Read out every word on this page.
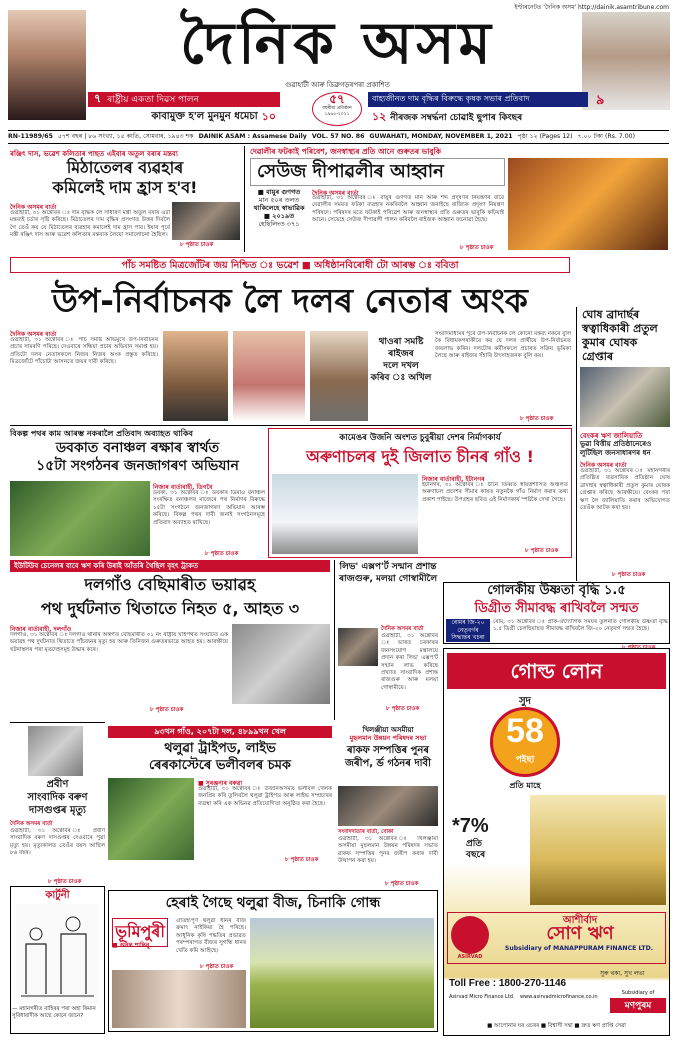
ইণ্টাৰনেটত 'দৈনিক অসম' http://dainik.asamtribune.com
দৈনিক অসম
গুৱাহাটী আৰু ডিব্ৰুগড়ৰপৰা প্ৰকাশিত
৭ ৰাষ্ট্ৰীয় একতা দিৱস পালন
কাবামুক্ত হ'ল মুনমুন ধমেচা ১০
৫৭
বছৰীয়া প্ৰতিষ্ঠান
১৯৬৫-২০২১
বাহ্যজীনত দাম বৃদ্ধিৰ বিৰুদ্ধে কৃষক সভাৰ প্ৰতিবাদ	৯
১২ নীৰজক সম্বৰ্দ্ধনা চোৱাই ছুপাৰ কিংছৰ
RN-11989/65 ৫৭শ বছৰ | ৮৬ সংখ্যা, ১৫ কাতি, সোমবাৰ, ১৯৪৩ শক DAINIK ASAM : Assamese Daily VOL. 57 NO. 86 GUWAHATI, MONDAY, NOVEMBER 1, 2021 পৃষ্ঠা ১২ (Pages 12) ৭.০০ টকা (Rs. 7.00)
ৰঞ্জিৎ দাস, ভৱেশ কলিতাৰ পাছত এইবাৰ অতুল বৰাৰ মন্তব্য
মিঠাতেলৰ ব্যৱহাৰ
কমিলেই দাম হ্ৰাস হ'ব!
দৈনিক অসমৰ বাৰ্তা
গুৱাহাটী, ৩১ অক্টোবৰ ঃ দাম বৃদ্ধিক লৈ সাধাৰণ মন্ত্ৰী অতুল বৰাৰ এটা মন্তব্যই চৰ্চাৰ সৃষ্টি কৰিছে। মিঠাতেলৰ দাম বৃদ্ধিৰ প্ৰসংগত উত্তৰ দিবলৈ গৈ তেওঁ কয় যে মিঠাতেলৰ ব্যৱহাৰ কমালেই দাম হ্ৰাস পাব। ইয়াৰ পূৰ্বে মন্ত্ৰী ৰঞ্জিৎ দাস আৰু ভৱেশ কলিতাৰ মন্তব্যক লৈয়ো সমালোচনা হৈছিল।
৮ পৃষ্ঠাত চাওক
দেৱালীৰ ফটকাই পৰিবেশ, জনস্বাস্থ্যৰ প্ৰতি আনে গুৰুতৰ ভাবুকি
সেউজ দীপাৱলীৰ আহ্বান
■ বায়ুৰ গুণগত
মান ৫০ৰ তলত
থাকিলেহে স্বাভাৱিক
■ ২০১৯ত
হেছিলিংত ৩৭১
দৈনিক অসমৰ বাৰ্তা
গুৱাহাটী, ৩১ অক্টোবৰ ঃ বায়ুৰ গুণগত মান আৰু শব্দ প্ৰদূষণৰ নিয়ন্ত্ৰণৰ বাবে দেৱালীৰ সময়ত ফটকা ব্যৱহাৰ নকৰিবলৈ আহ্বান জনাইছে ৰাজ্যিক প্ৰদূষণ নিয়ন্ত্ৰণ পৰিষদে। পৰিষদৰ মতে ফটকাই পৰিৱেশ আৰু জনস্বাস্থ্যৰ প্ৰতি গুৰুতৰ ভাবুকি কঢ়িয়াই আনে। সেয়েহে সেউজ দীপাৱলী পালন কৰিবলৈ ৰাইজক আহ্বান জনোৱা হৈছে।
৮ পৃষ্ঠাত চাওক
পাঁচ সমষ্টিত মিত্ৰজোঁটৰ জয় নিশ্চিত ঃ ভৱেশ ■ অধিষ্ঠানবিৰোধী টো আৰম্ভ ঃ ববিতা
উপ-নিৰ্বাচনক লৈ দলৰ নেতাৰ অংক
দৈনিক অসমৰ বাৰ্তা
গুৱাহাটী, ৩১ অক্টোবৰ ঃ পাঁচ সমষ্টি অভিমুখে উপ-নিৰ্বাচনৰ প্ৰচাৰ সামৰণি পৰিছে। দেওবাৰে সন্ধিয়া প্ৰচাৰ অভিযান সমাপ্ত হয়। প্ৰতিটো দলৰ নেতাসকলে নিজৰ নিজৰ অংক প্ৰস্তুত কৰিছে। মিত্ৰজোঁটে পাঁচোটা আসনতে জয়ৰ দাবী কৰিছে।
থাওৰা সমষ্টি
ৰাইজৰ
দলে দখল
কৰিব ঃ অখিল
সংবাদমাধ্যমৰ পূৰ্বে উপ-নিৰ্বাচনক লৈ কোনো মন্তব্য নকৰে বুলি কৈ বিধায়কগৰাকীয়ে কয় যে দলৰ প্ৰাৰ্থীয়ে উপ-নিৰ্বাচনত জয়লাভ কৰিব। দলটোৰ কৰ্মীসকলে প্ৰচাৰত সক্ৰিয় ভূমিকা লৈছে আৰু ৰাইজৰ সঁহাৰি উৎসাহজনক বুলি কয়।
৮ পৃষ্ঠাত চাওক
ঘোষ ব্ৰাদাৰ্ছৰ স্বত্বাধিকাৰী প্ৰতুল কুমাৰ ঘোষক গ্ৰেপ্তাৰ
বেংকৰ ঋণ জালিয়াতি
ভুৱা বিত্তীয় প্ৰতিষ্ঠানেৰেও লুটিছিল জনসাধাৰণৰ ধন
দৈনিক অসমৰ বাৰ্তা
গুৱাহাটী, ৩১ অক্টোবৰ ঃ মহানগৰীৰ প্ৰতিষ্ঠিত ব্যৱসায়িক প্ৰতিষ্ঠান ঘোষ ব্ৰাদাৰ্ছৰ স্বত্বাধিকাৰী প্ৰতুল কুমাৰ ঘোষক গ্ৰেপ্তাৰ কৰিছে আৰক্ষীয়ে। বেংকৰ পৰা ঋণ লৈ জালিয়াতি কৰাৰ অভিযোগত তেওঁক আটক কৰা হয়।
৮ পৃষ্ঠাত চাওক
বিকল্প পথৰ কাম আৰম্ভ নকৰালৈ প্ৰতিবাদ অব্যাহত থাকিব
ডবকাত বনাঞ্চল ৰক্ষাৰ স্বাৰ্থত
১৫টা সংগঠনৰ জনজাগৰণ অভিযান
নিজাৰ বাৰ্তাবাহী, ডিগবৈ
ডবকা, ৩১ অক্টোবৰ ঃ ডবকাৰ ডিমাও বনাঞ্চল সংৰক্ষিত বনাঞ্চলৰ মাজেৰে পথ নিৰ্মাণৰ বিৰুদ্ধে ১৫টা সংগঠনে জনজাগৰণ অভিযান আৰম্ভ কৰিছে। বিকল্প পথৰ দাবী জনাই সংগঠনসমূহে প্ৰতিবাদ অব্যাহত ৰাখিছে।
৮ পৃষ্ঠাত চাওক
কামেঙৰ উজনি অংশত চুবুৰীয়া দেশৰ নিৰ্মাণকাৰ্য
অৰুণাচলৰ দুই জিলাত চীনৰ গাঁও !
নিজাৰ বাৰ্তাবাহী, ইটানগৰ
ইটানগৰ, ৩১ অক্টোবৰ ঃ চীনে তিব্বত স্বায়ত্তশাসিত অঞ্চলত অৰুণাচল প্ৰদেশৰ সীমাৰ কাষত নতুনকৈ গাঁও নিৰ্মাণ কৰাৰ তথ্য প্ৰকাশ পাইছে। উপগ্ৰহৰ ছবিত এই নিৰ্মাণকাৰ্য স্পষ্টকৈ দেখা গৈছে।
৮ পৃষ্ঠাত চাওক
ইউটিউব চেনেলৰ বাবে ঋণ কৰি উৰাই আঁতৰি থৈছিল বৃহৎ ট্ৰাকত
দলগাঁও বেছিমাৰীত ভয়াৱহ
পথ দুৰ্ঘটনাত থিতাতে নিহত ৫, আহত ৩
নিজাৰ বাৰ্তাবাহী, দলগাঁও
দলগাঁও, ৩১ অক্টোবৰ ঃ দলগাঁও থানাৰ অন্তৰ্গত বেছিমাৰীত ৩১ নং ৰাষ্ট্ৰীয় ঘাইপথত সংঘটিত এক ভয়াৱহ পথ দুৰ্ঘটনাত থিতাতে পাঁচজনৰ মৃত্যু হয় আৰু তিনিজন গুৰুতৰভাৱে আহত হয়। আৰক্ষীয়ে ঘটনাস্থলৰ পৰা মৃতদেহসমূহ উদ্ধাৰ কৰে।
৮ পৃষ্ঠাত চাওক
লিভ' এক্সপ'ৰ্ট সন্মান প্ৰশান্ত ৰাজগুৰু, মলয়া গোস্বামীলৈ
দৈনিক অসমৰ বাৰ্তা
গুৱাহাটী, ৩১ অক্টোবৰ ঃ ভাৰত চৰকাৰৰ জনসংযোগ মন্ত্ৰালয়ে প্ৰদান কৰা লিভ' এক্সপ'ৰ্ট সন্মান লাভ কৰিছে প্ৰখ্যাত সাংবাদিক প্ৰশান্ত ৰাজগুৰু আৰু মলয়া গোস্বামীয়ে।
৮ পৃষ্ঠাত চাওক
গোলকীয় উষ্ণতা বৃদ্ধি ১.৫
ডিগ্ৰীত সীমাবদ্ধ ৰাখিবলৈ সন্মত
ৰোমৰ জি-২০
নেতৃবৰ্গৰ
সিদ্ধান্তৰ খচৰা
ৰোম, ৩১ অক্টোবৰ ঃ প্ৰাক-ঔদ্যোগিক সময়ৰ তুলনাত গোলকীয় উষ্ণতা বৃদ্ধি ১.৫ ডিগ্ৰী চেলছিয়াছত সীমাবদ্ধ ৰাখিবলৈ জি-২০ নেতৃবৰ্গ সন্মত হৈছে।
প্ৰবীণ
সাংবাদিক বৰুণ
দাসগুপ্তৰ মৃত্যু
দৈনিক অসমৰ বাৰ্তা
গুৱাহাটী, ৩১ অক্টোবৰ ঃ প্ৰবীণ সাংবাদিক বৰুণ দাসগুপ্তৰ দেওবাৰে পুৱা মৃত্যু হয়। মৃত্যুকালত তেওঁৰ বয়স আছিল ৮৬ বছৰ।
৮ পৃষ্ঠাত চাওক
৯৩খন গাঁও, ২০৭টা দল, ৪৮৯৯খন খেল
থলুৱা ট্ৰাইপড, লাইভ
ৰেৰকাস্টেৰে ভলীবলৰ চমক
■ সুৰঞ্জনাৰ বৰুৱা
গুৱাহাটী, ৩১ অক্টোবৰ ঃ উজনিঅসমত ভলীবল খেলক জনপ্ৰিয় কৰি তুলিবলৈ থলুৱা ট্ৰাইপড আৰু লাইভ সম্প্ৰচাৰৰ ব্যৱস্থা কৰি এক অভিনৱ প্ৰতিযোগিতা অনুষ্ঠিত কৰা হৈছে।
৮ পৃষ্ঠাত চাওক
খিলঞ্জীয়া অসমীয়া
মুছলমান উন্নয়ন পৰিষদৰ সভা
ৰাকফ সম্পত্তিৰ পুনৰ জৰীপ, ৰ্ব্ড গঠনৰ দাবী
সংবাদদাতাৰ বাৰ্তা, বোকা
গুৱাহাটী, ৩১ অক্টোবৰ ঃ খিলঞ্জীয়া অসমীয়া মুছলমান উন্নয়ন পৰিষদৰ সভাত ৱাকফ সম্পত্তিৰ পুনৰ জৰীপ কৰাৰ দাবী উত্থাপন কৰা হয়।
৮ পৃষ্ঠাত চাওক
কাৰ্টুনী
— মহানগৰীত বাহিৰৰ পৰা অহা কিমান সুবিধাবাদীক আছে কোনে জানে?
হেৰাই গৈছে থলুৱা বীজ, চিনাকি গোন্ধ
ভূমিপুৰী
■ অনন্ত শান্তিনু
ঐতিহ্যপূৰ্ণ থলুৱা ধানৰ বীজ ক্ৰমাৎ নাইকিয়া হৈ পৰিছে। আধুনিক কৃষি পদ্ধতিৰ প্ৰভাৱত পৰম্পৰাগত বীজৰ সুগন্ধি ধানৰ খেতি কমি আহিছে।
৮ পৃষ্ঠাত চাওক
গোল্ড লোন
সুদ
58
পইছা
প্ৰতি মাহে
*7%
প্ৰতি
বছৰে
ASIRVAD
আশীৰ্বাদ
সোণ ঋণ
Subsidiary of MANAPPURAM FINANCE LTD.
সুৰু থকা, সুখ লভা
Toll Free : 1800-270-1146
Asirvad Micro Finance Ltd.	www.asirvadmicrofinance.co.in
Subsidiary of
মণপুৰম
■ আপোনাৰ ঘৰ ওচৰৰ ■ বিশ্বাসী সন্থা ■ দ্ৰুত ঋণ প্ৰাপ্তি সেৱা
